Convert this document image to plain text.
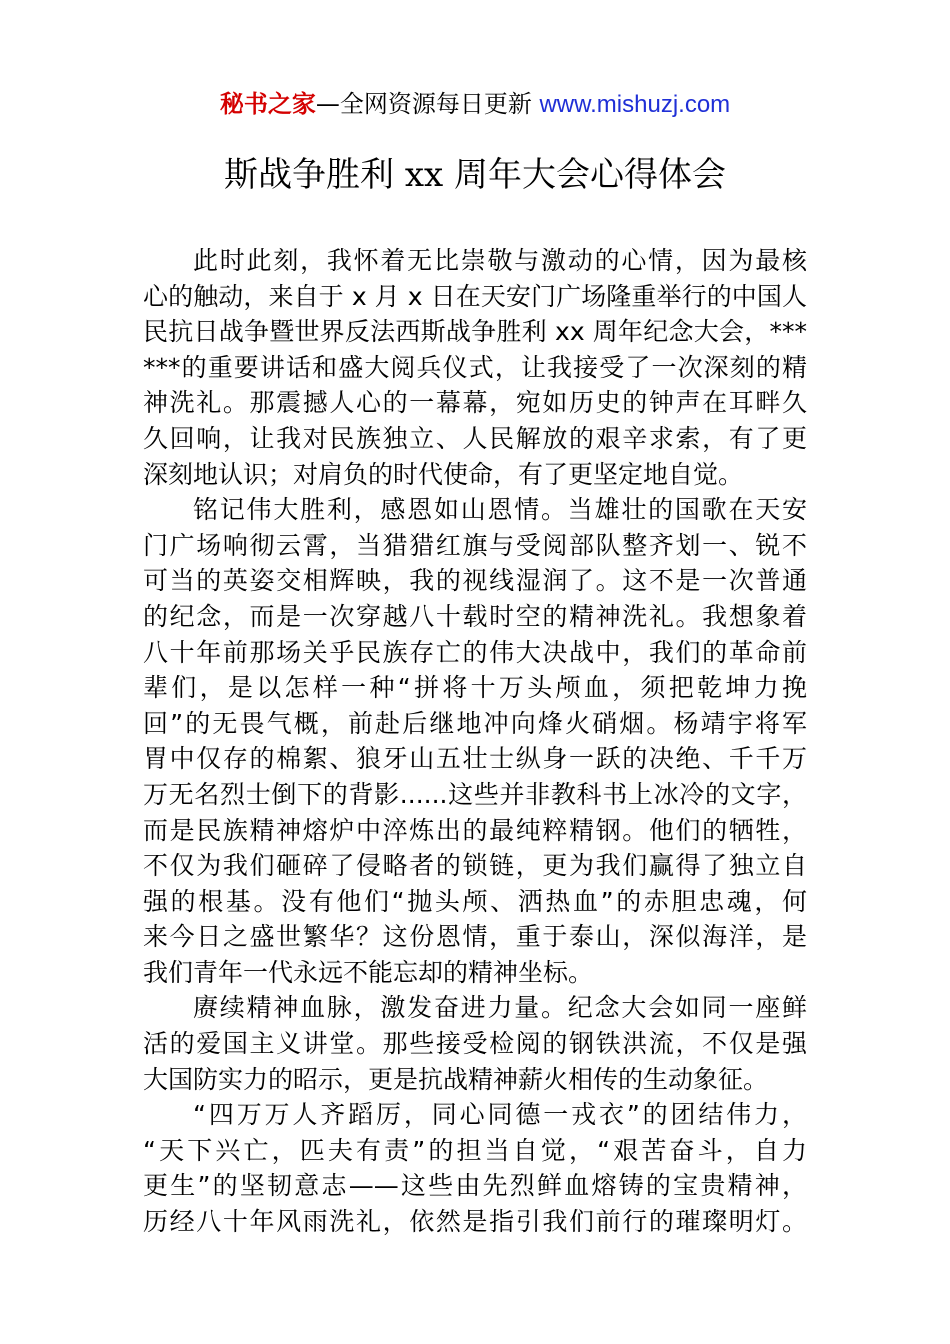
秘书之家—全网资源每日更新 www.mishuzj.com
斯战争胜利 xx 周年大会心得体会
此时此刻，我怀着无比崇敬与激动的心情，因为最核
心的触动，来自于 x 月 x 日在天安门广场隆重举行的中国人
民抗日战争暨世界反法西斯战争胜利 xx 周年纪念大会，***
***的重要讲话和盛大阅兵仪式，让我接受了一次深刻的精
神洗礼。那震撼人心的一幕幕，宛如历史的钟声在耳畔久
久回响，让我对民族独立、人民解放的艰辛求索，有了更
深刻地认识；对肩负的时代使命，有了更坚定地自觉。
铭记伟大胜利，感恩如山恩情。当雄壮的国歌在天安
门广场响彻云霄，当猎猎红旗与受阅部队整齐划一、锐不
可当的英姿交相辉映，我的视线湿润了。这不是一次普通
的纪念，而是一次穿越八十载时空的精神洗礼。我想象着
八十年前那场关乎民族存亡的伟大决战中，我们的革命前
辈们，是以怎样一种“拼将十万头颅血，须把乾坤力挽
回”的无畏气概，前赴后继地冲向烽火硝烟。杨靖宇将军
胃中仅存的棉絮、狼牙山五壮士纵身一跃的决绝、千千万
万无名烈士倒下的背影......这些并非教科书上冰冷的文字，
而是民族精神熔炉中淬炼出的最纯粹精钢。他们的牺牲，
不仅为我们砸碎了侵略者的锁链，更为我们赢得了独立自
强的根基。没有他们“抛头颅、洒热血”的赤胆忠魂，何
来今日之盛世繁华？这份恩情，重于泰山，深似海洋，是
我们青年一代永远不能忘却的精神坐标。
赓续精神血脉，激发奋进力量。纪念大会如同一座鲜
活的爱国主义讲堂。那些接受检阅的钢铁洪流，不仅是强
大国防实力的昭示，更是抗战精神薪火相传的生动象征。
“四万万人齐蹈厉，同心同德一戎衣”的团结伟力，
“天下兴亡，匹夫有责”的担当自觉，“艰苦奋斗，自力
更生”的坚韧意志——这些由先烈鲜血熔铸的宝贵精神，
历经八十年风雨洗礼，依然是指引我们前行的璀璨明灯。
